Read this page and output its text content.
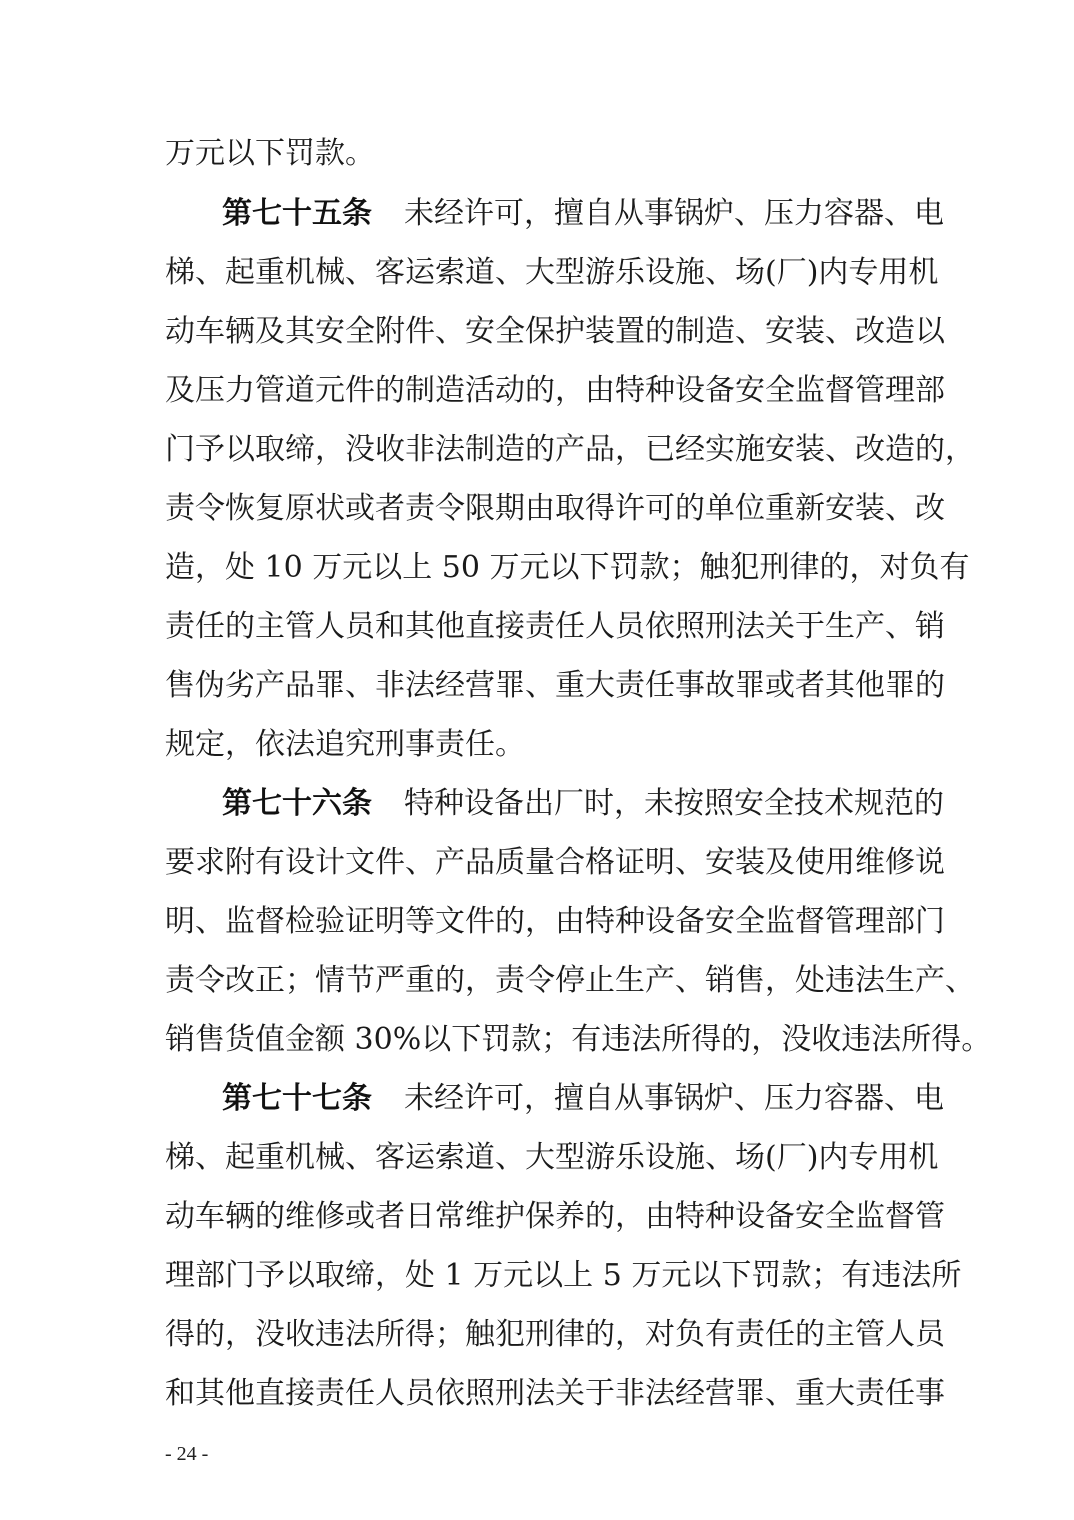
万元以下罚款。
第七十五条 未经许可，擅自从事锅炉、压力容器、电
梯、起重机械、客运索道、大型游乐设施、场(厂)内专用机
动车辆及其安全附件、安全保护装置的制造、安装、改造以
及压力管道元件的制造活动的，由特种设备安全监督管理部
门予以取缔，没收非法制造的产品，已经实施安装、改造的，
责令恢复原状或者责令限期由取得许可的单位重新安装、改
造，处 10 万元以上 50 万元以下罚款；触犯刑律的，对负有
责任的主管人员和其他直接责任人员依照刑法关于生产、销
售伪劣产品罪、非法经营罪、重大责任事故罪或者其他罪的
规定，依法追究刑事责任。
第七十六条 特种设备出厂时，未按照安全技术规范的
要求附有设计文件、产品质量合格证明、安装及使用维修说
明、监督检验证明等文件的，由特种设备安全监督管理部门
责令改正；情节严重的，责令停止生产、销售，处违法生产、
销售货值金额 30%以下罚款；有违法所得的，没收违法所得。
第七十七条 未经许可，擅自从事锅炉、压力容器、电
梯、起重机械、客运索道、大型游乐设施、场(厂)内专用机
动车辆的维修或者日常维护保养的，由特种设备安全监督管
理部门予以取缔，处 1 万元以上 5 万元以下罚款；有违法所
得的，没收违法所得；触犯刑律的，对负有责任的主管人员
和其他直接责任人员依照刑法关于非法经营罪、重大责任事
- 24 -
